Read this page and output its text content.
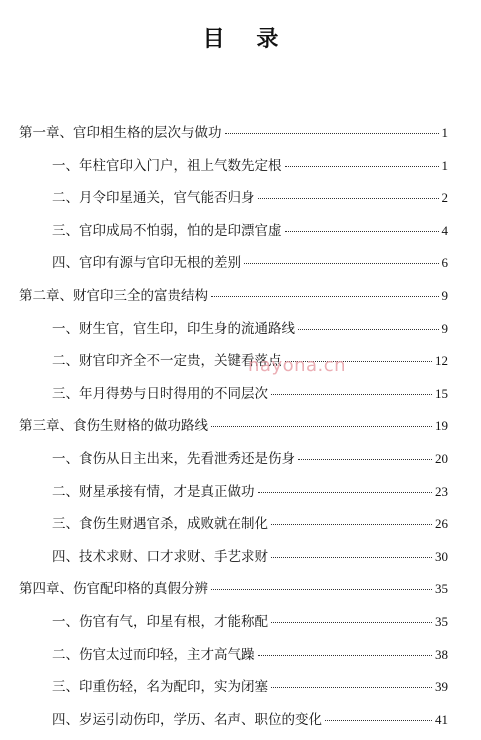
目 录
第一章、官印相生格的层次与做功	1
一、年柱官印入门户，祖上气数先定根	1
二、月令印星通关，官气能否归身	2
三、官印成局不怕弱，怕的是印漂官虚	4
四、官印有源与官印无根的差别	6
第二章、财官印三全的富贵结构	9
一、财生官，官生印，印生身的流通路线	9
二、财官印齐全不一定贵，关键看落点	12
三、年月得势与日时得用的不同层次	15
第三章、食伤生财格的做功路线	19
一、食伤从日主出来，先看泄秀还是伤身	20
二、财星承接有情，才是真正做功	23
三、食伤生财遇官杀，成败就在制化	26
四、技术求财、口才求财、手艺求财	30
第四章、伤官配印格的真假分辨	35
一、伤官有气，印星有根，才能称配	35
二、伤官太过而印轻，主才高气躁	38
三、印重伤轻，名为配印，实为闭塞	39
四、岁运引动伤印，学历、名声、职位的变化	41
nayona.cn
